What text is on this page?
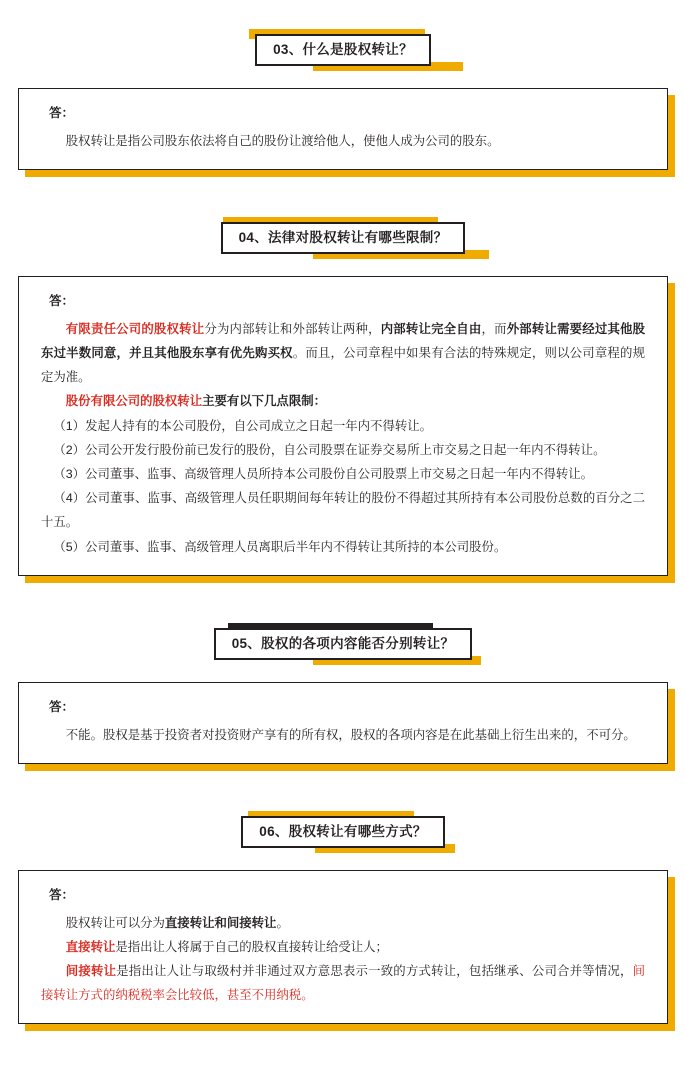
03、什么是股权转让？
答：

股权转让是指公司股东依法将自己的股份让渡给他人，使他人成为公司的股东。

04、法律对股权转让有哪些限制？
答：

有限责任公司的股权转让分为内部转让和外部转让两种，内部转让完全自由，而外部转让需要经过其他股东过半数同意，并且其他股东享有优先购买权。而且，公司章程中如果有合法的特殊规定，则以公司章程的规定为准。

股份有限公司的股权转让主要有以下几点限制：

（1）发起人持有的本公司股份，自公司成立之日起一年内不得转让。

（2）公司公开发行股份前已发行的股份，自公司股票在证券交易所上市交易之日起一年内不得转让。

（3）公司董事、监事、高级管理人员所持本公司股份自公司股票上市交易之日起一年内不得转让。

（4）公司董事、监事、高级管理人员任职期间每年转让的股份不得超过其所持有本公司股份总数的百分之二十五。

（5）公司董事、监事、高级管理人员离职后半年内不得转让其所持的本公司股份。

05、股权的各项内容能否分别转让？
答：

不能。股权是基于投资者对投资财产享有的所有权，股权的各项内容是在此基础上衍生出来的，不可分。

06、股权转让有哪些方式？
答：

股权转让可以分为直接转让和间接转让。

直接转让是指出让人将属于自己的股权直接转让给受让人；

间接转让是指出让人让与取级村并非通过双方意思表示一致的方式转让，包括继承、公司合并等情况，间接转让方式的纳税税率会比较低，甚至不用纳税。
